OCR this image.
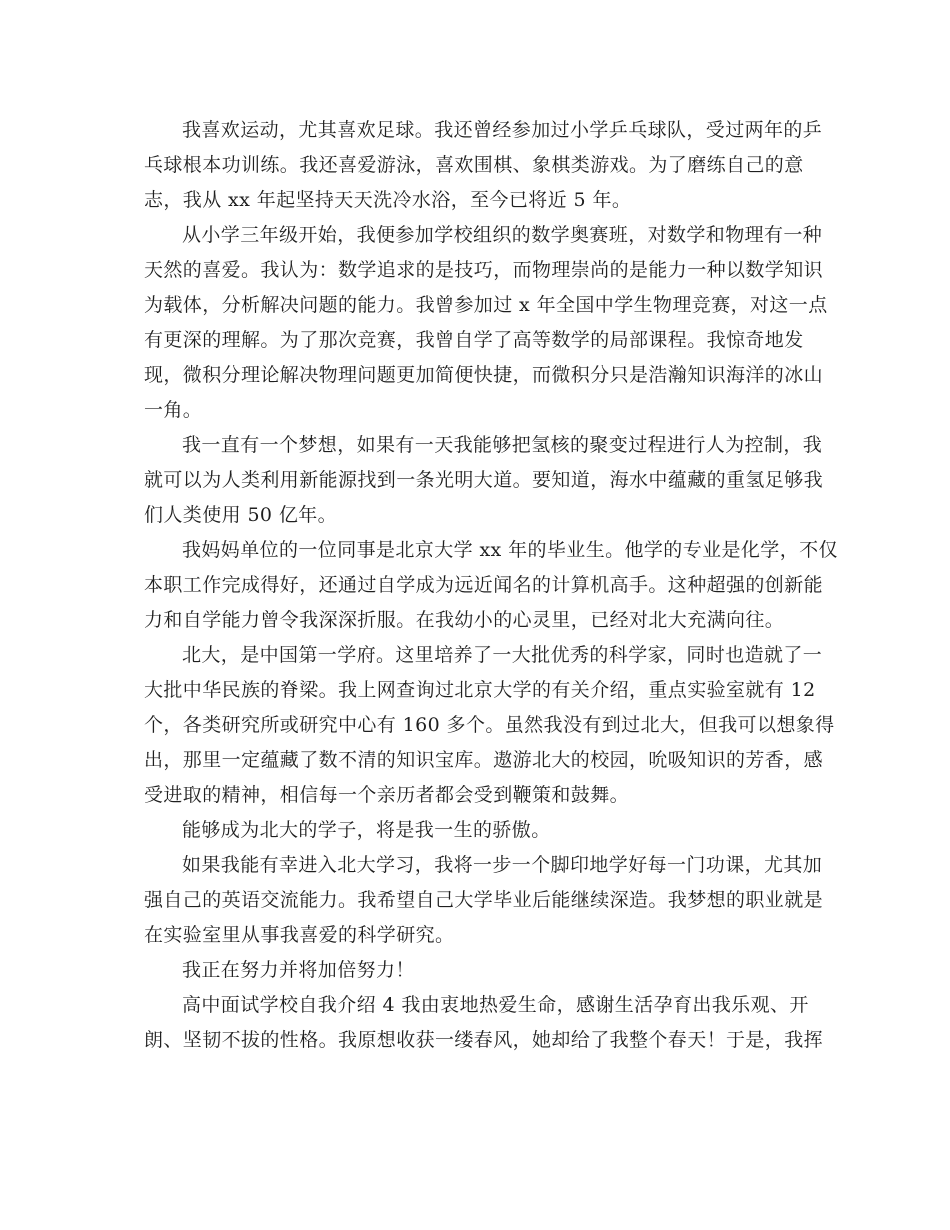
我喜欢运动，尤其喜欢足球。我还曾经参加过小学乒乓球队，受过两年的乒
乓球根本功训练。我还喜爱游泳，喜欢围棋、象棋类游戏。为了磨练自己的意
志，我从 xx 年起坚持天天洗冷水浴，至今已将近 5 年。
从小学三年级开始，我便参加学校组织的数学奥赛班，对数学和物理有一种
天然的喜爱。我认为：数学追求的是技巧，而物理崇尚的是能力一种以数学知识
为载体，分析解决问题的能力。我曾参加过 x 年全国中学生物理竞赛，对这一点
有更深的理解。为了那次竞赛，我曾自学了高等数学的局部课程。我惊奇地发
现，微积分理论解决物理问题更加简便快捷，而微积分只是浩瀚知识海洋的冰山
一角。
我一直有一个梦想，如果有一天我能够把氢核的聚变过程进行人为控制，我
就可以为人类利用新能源找到一条光明大道。要知道，海水中蕴藏的重氢足够我
们人类使用 50 亿年。
我妈妈单位的一位同事是北京大学 xx 年的毕业生。他学的专业是化学，不仅
本职工作完成得好，还通过自学成为远近闻名的计算机高手。这种超强的创新能
力和自学能力曾令我深深折服。在我幼小的心灵里，已经对北大充满向往。
北大，是中国第一学府。这里培养了一大批优秀的科学家，同时也造就了一
大批中华民族的脊梁。我上网查询过北京大学的有关介绍，重点实验室就有 12
个，各类研究所或研究中心有 160 多个。虽然我没有到过北大，但我可以想象得
出，那里一定蕴藏了数不清的知识宝库。遨游北大的校园，吮吸知识的芳香，感
受进取的精神，相信每一个亲历者都会受到鞭策和鼓舞。
能够成为北大的学子，将是我一生的骄傲。
如果我能有幸进入北大学习，我将一步一个脚印地学好每一门功课，尤其加
强自己的英语交流能力。我希望自己大学毕业后能继续深造。我梦想的职业就是
在实验室里从事我喜爱的科学研究。
我正在努力并将加倍努力！
高中面试学校自我介绍 4 我由衷地热爱生命，感谢生活孕育出我乐观、开
朗、坚韧不拔的性格。我原想收获一缕春风，她却给了我整个春天！于是，我挥
